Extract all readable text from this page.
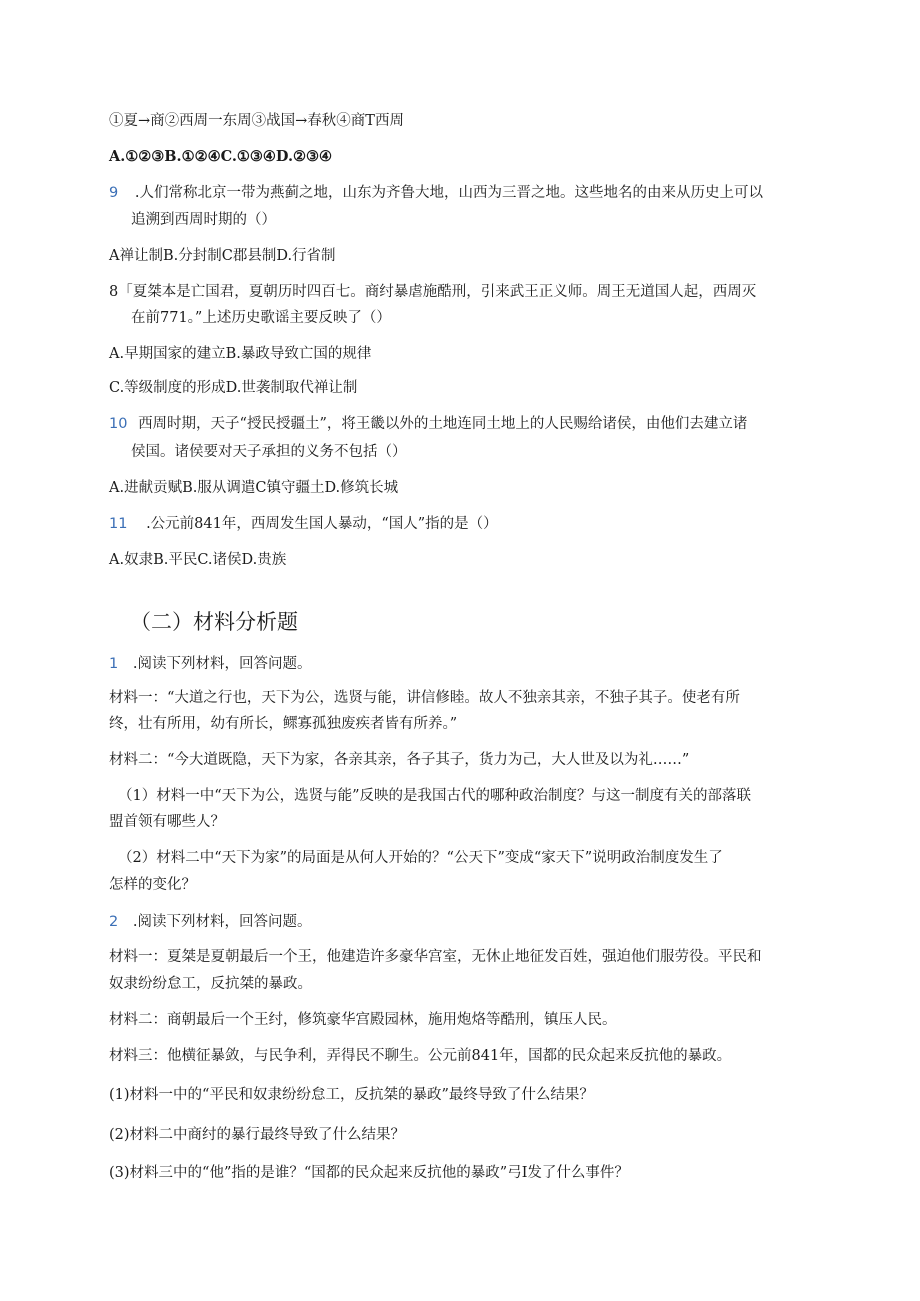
①夏→商②西周一东周③战国→春秋④商T西周
A.①②③B.①②④C.①③④D.②③④
9 .人们常称北京一带为燕蓟之地，山东为齐鲁大地，山西为三晋之地。这些地名的由来从历史上可以
追溯到西周时期的（）
A禅让制B.分封制C郡县制D.行省制
8「夏桀本是亡国君，夏朝历时四百七。商纣暴虐施酷刑，引来武王正义师。周王无道国人起，西周灭
在前771。”上述历史歌谣主要反映了（）
A.早期国家的建立B.暴政导致亡国的规律
C.等级制度的形成D.世袭制取代禅让制
10 西周时期，天子“授民授疆土”，将王畿以外的土地连同土地上的人民赐给诸侯，由他们去建立诸
侯国。诸侯要对天子承担的义务不包括（）
A.进献贡赋B.服从调遣C镇守疆土D.修筑长城
11 .公元前841年，西周发生国人暴动，“国人”指的是（）
A.奴隶B.平民C.诸侯D.贵族
（二）材料分析题
1 .阅读下列材料，回答问题。
材料一：“大道之行也，天下为公，选贤与能，讲信修睦。故人不独亲其亲，不独子其子。使老有所
终，壮有所用，幼有所长，鳏寡孤独废疾者皆有所养。”
材料二：“今大道既隐，天下为家，各亲其亲，各子其子，货力为己，大人世及以为礼……”
（1）材料一中“天下为公，选贤与能”反映的是我国古代的哪种政治制度？与这一制度有关的部落联
盟首领有哪些人？
（2）材料二中“天下为家”的局面是从何人开始的？“公天下”变成“家天下”说明政治制度发生了
怎样的变化？
2 .阅读下列材料，回答问题。
材料一：夏桀是夏朝最后一个王，他建造许多豪华宫室，无休止地征发百姓，强迫他们服劳役。平民和
奴隶纷纷怠工，反抗桀的暴政。
材料二：商朝最后一个王纣，修筑豪华宫殿园林，施用炮烙等酷刑，镇压人民。
材料三：他横征暴敛，与民争利，弄得民不聊生。公元前841年，国都的民众起来反抗他的暴政。
(1)材料一中的“平民和奴隶纷纷怠工，反抗桀的暴政”最终导致了什么结果？
(2)材料二中商纣的暴行最终导致了什么结果？
(3)材料三中的“他”指的是谁？“国都的民众起来反抗他的暴政”弓I发了什么事件？
